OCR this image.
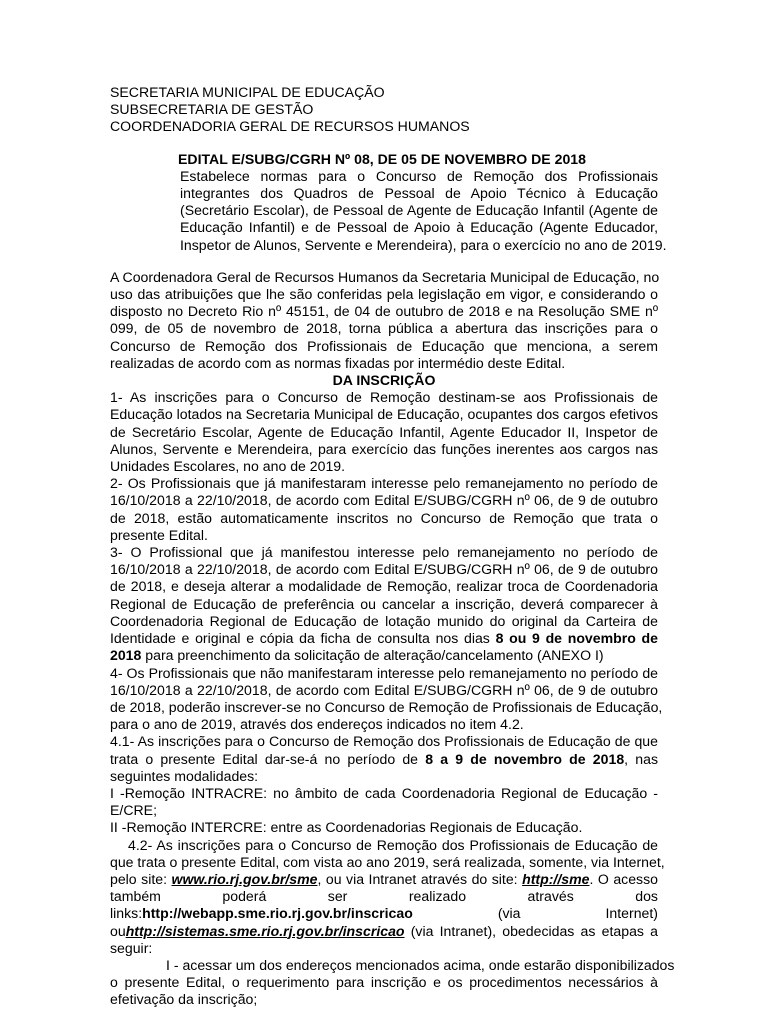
SECRETARIA MUNICIPAL DE EDUCAÇÃO
SUBSECRETARIA DE GESTÃO
COORDENADORIA GERAL DE RECURSOS HUMANOS
EDITAL E/SUBG/CGRH Nº 08, DE 05 DE NOVEMBRO DE 2018
Estabelece normas para o Concurso de Remoção dos Profissionais
integrantes dos Quadros de Pessoal de Apoio Técnico à Educação
(Secretário Escolar), de Pessoal de Agente de Educação Infantil (Agente de
Educação Infantil) e de Pessoal de Apoio à Educação (Agente Educador,
Inspetor de Alunos, Servente e Merendeira), para o exercício no ano de 2019.
A Coordenadora Geral de Recursos Humanos da Secretaria Municipal de Educação, no
uso das atribuições que lhe são conferidas pela legislação em vigor, e considerando o
disposto no Decreto Rio nº 45151, de 04 de outubro de 2018 e na Resolução SME nº
099, de 05 de novembro de 2018, torna pública a abertura das inscrições para o
Concurso de Remoção dos Profissionais de Educação que menciona, a serem
realizadas de acordo com as normas fixadas por intermédio deste Edital.
DA INSCRIÇÃO
1- As inscrições para o Concurso de Remoção destinam-se aos Profissionais de
Educação lotados na Secretaria Municipal de Educação, ocupantes dos cargos efetivos
de Secretário Escolar, Agente de Educação Infantil, Agente Educador II, Inspetor de
Alunos, Servente e Merendeira, para exercício das funções inerentes aos cargos nas
Unidades Escolares, no ano de 2019.
2- Os Profissionais que já manifestaram interesse pelo remanejamento no período de
16/10/2018 a 22/10/2018, de acordo com Edital E/SUBG/CGRH nº 06, de 9 de outubro
de 2018, estão automaticamente inscritos no Concurso de Remoção que trata o
presente Edital.
3- O Profissional que já manifestou interesse pelo remanejamento no período de
16/10/2018 a 22/10/2018, de acordo com Edital E/SUBG/CGRH nº 06, de 9 de outubro
de 2018, e deseja alterar a modalidade de Remoção, realizar troca de Coordenadoria
Regional de Educação de preferência ou cancelar a inscrição, deverá comparecer à
Coordenadoria Regional de Educação de lotação munido do original da Carteira de
Identidade e original e cópia da ficha de consulta nos dias 8 ou 9 de novembro de
2018 para preenchimento da solicitação de alteração/cancelamento (ANEXO I)
4- Os Profissionais que não manifestaram interesse pelo remanejamento no período de
16/10/2018 a 22/10/2018, de acordo com Edital E/SUBG/CGRH nº 06, de 9 de outubro
de 2018, poderão inscrever-se no Concurso de Remoção de Profissionais de Educação,
para o ano de 2019, através dos endereços indicados no item 4.2.
4.1- As inscrições para o Concurso de Remoção dos Profissionais de Educação de que
trata o presente Edital dar-se-á no período de 8 a 9 de novembro de 2018, nas
seguintes modalidades:
I -Remoção INTRACRE: no âmbito de cada Coordenadoria Regional de Educação -
E/CRE;
II -Remoção INTERCRE: entre as Coordenadorias Regionais de Educação.
4.2- As inscrições para o Concurso de Remoção dos Profissionais de Educação de
que trata o presente Edital, com vista ao ano 2019, será realizada, somente, via Internet,
pelo site: www.rio.rj.gov.br/sme, ou via Intranet através do site: http://sme. O acesso
também	poderá	ser	realizado	através	dos
links:http://webapp.sme.rio.rj.gov.br/inscricao	(via	Internet)
ouhttp://sistemas.sme.rio.rj.gov.br/inscricao (via Intranet), obedecidas as etapas a
seguir:
I - acessar um dos endereços mencionados acima, onde estarão disponibilizados
o presente Edital, o requerimento para inscrição e os procedimentos necessários à
efetivação da inscrição;
